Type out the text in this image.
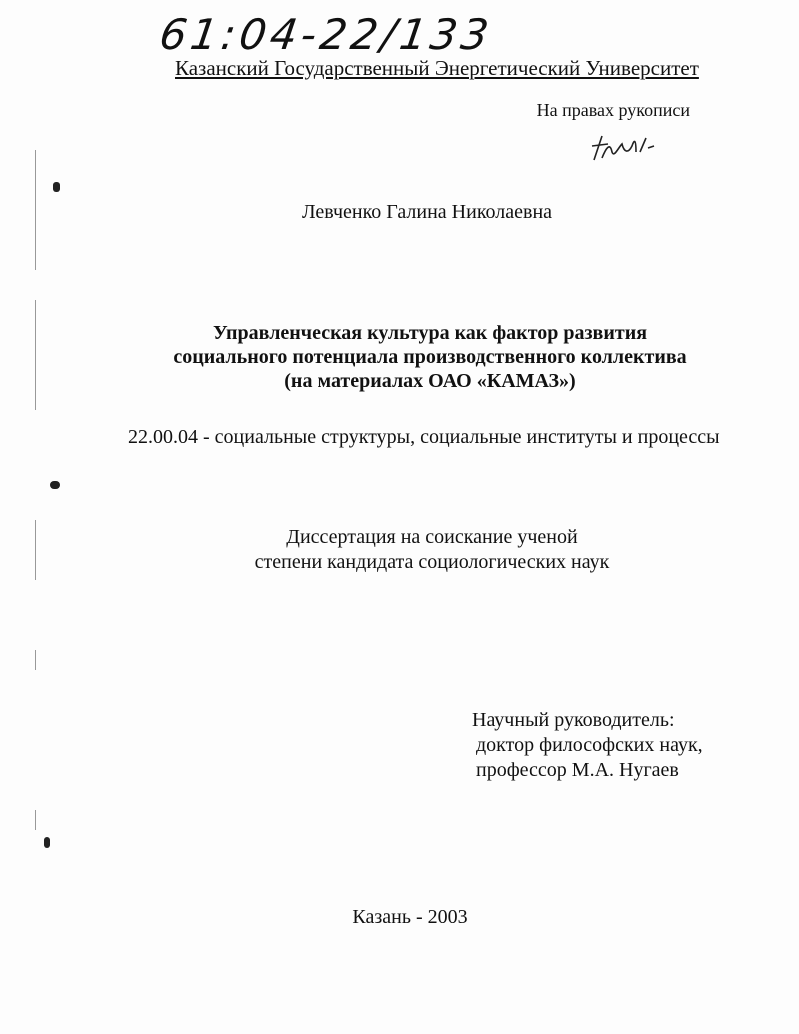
61:04-22/133
Казанский Государственный Энергетический Университет
На правах рукописи
Левченко Галина Николаевна
Управленческая культура как фактор развития
социального потенциала производственного коллектива
(на материалах ОАО «КАМАЗ»)
22.00.04 - социальные структуры, социальные институты и процессы
Диссертация на соискание ученой
степени кандидата социологических наук
Научный руководитель:
доктор философских наук,
профессор М.А. Нугаев
Казань - 2003
